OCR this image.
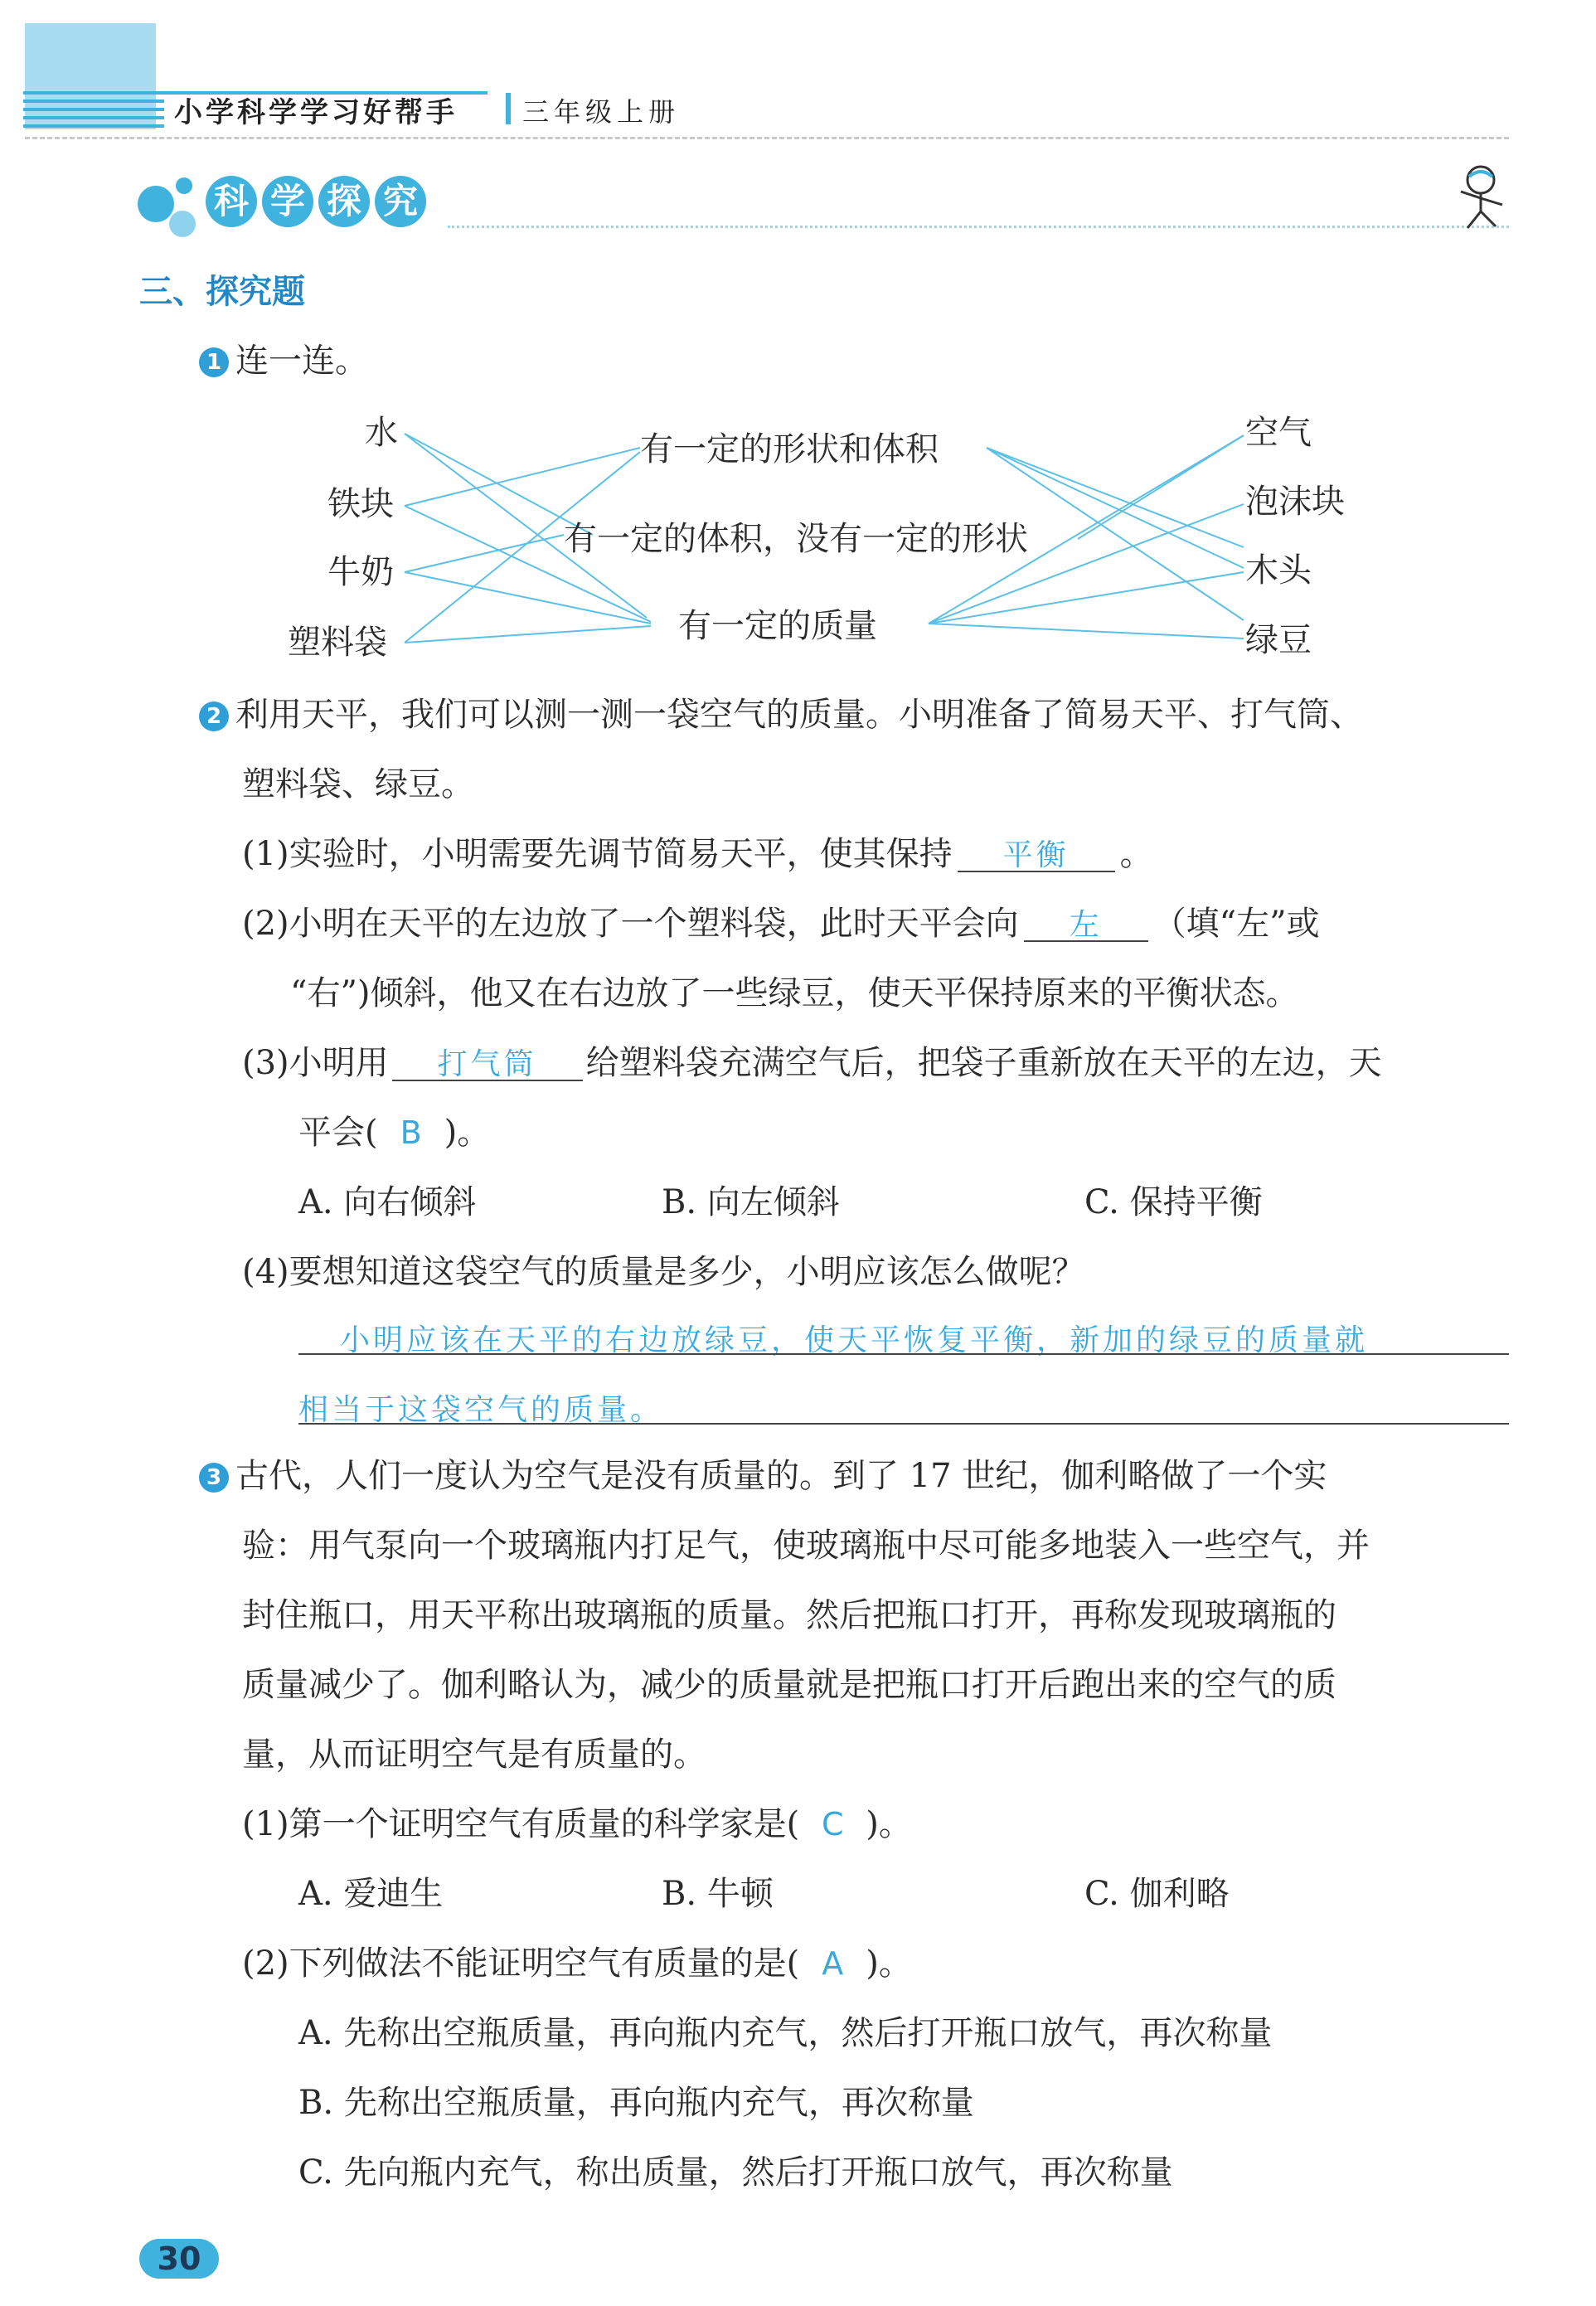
小学科学学习好帮手 三年级上册
科 学 探 究
三、探究题
1 连一连。
水
铁块
牛奶
塑料袋
有一定的形状和体积
有一定的体积，没有一定的形状
有一定的质量
空气
泡沫块
木头
绿豆
2 利用天平，我们可以测一测一袋空气的质量。小明准备了简易天平、打气筒、
塑料袋、绿豆。
(1)实验时，小明需要先调节简易天平，使其保持 平衡 。
(2)小明在天平的左边放了一个塑料袋，此时天平会向 左 （填“左”或
“右”)倾斜，他又在右边放了一些绿豆，使天平保持原来的平衡状态。
(3)小明用 打气筒 给塑料袋充满空气后，把袋子重新放在天平的左边，天
平会( B )。
A. 向右倾斜	B. 向左倾斜	C. 保持平衡
(4)要想知道这袋空气的质量是多少，小明应该怎么做呢？
小明应该在天平的右边放绿豆，使天平恢复平衡，新加的绿豆的质量就
相当于这袋空气的质量。
3 古代，人们一度认为空气是没有质量的。到了 17 世纪，伽利略做了一个实
验：用气泵向一个玻璃瓶内打足气，使玻璃瓶中尽可能多地装入一些空气，并
封住瓶口，用天平称出玻璃瓶的质量。然后把瓶口打开，再称发现玻璃瓶的
质量减少了。伽利略认为，减少的质量就是把瓶口打开后跑出来的空气的质
量，从而证明空气是有质量的。
(1)第一个证明空气有质量的科学家是( C )。
A. 爱迪生	B. 牛顿	C. 伽利略
(2)下列做法不能证明空气有质量的是( A )。
A. 先称出空瓶质量，再向瓶内充气，然后打开瓶口放气，再次称量
B. 先称出空瓶质量，再向瓶内充气，再次称量
C. 先向瓶内充气，称出质量，然后打开瓶口放气，再次称量
30
